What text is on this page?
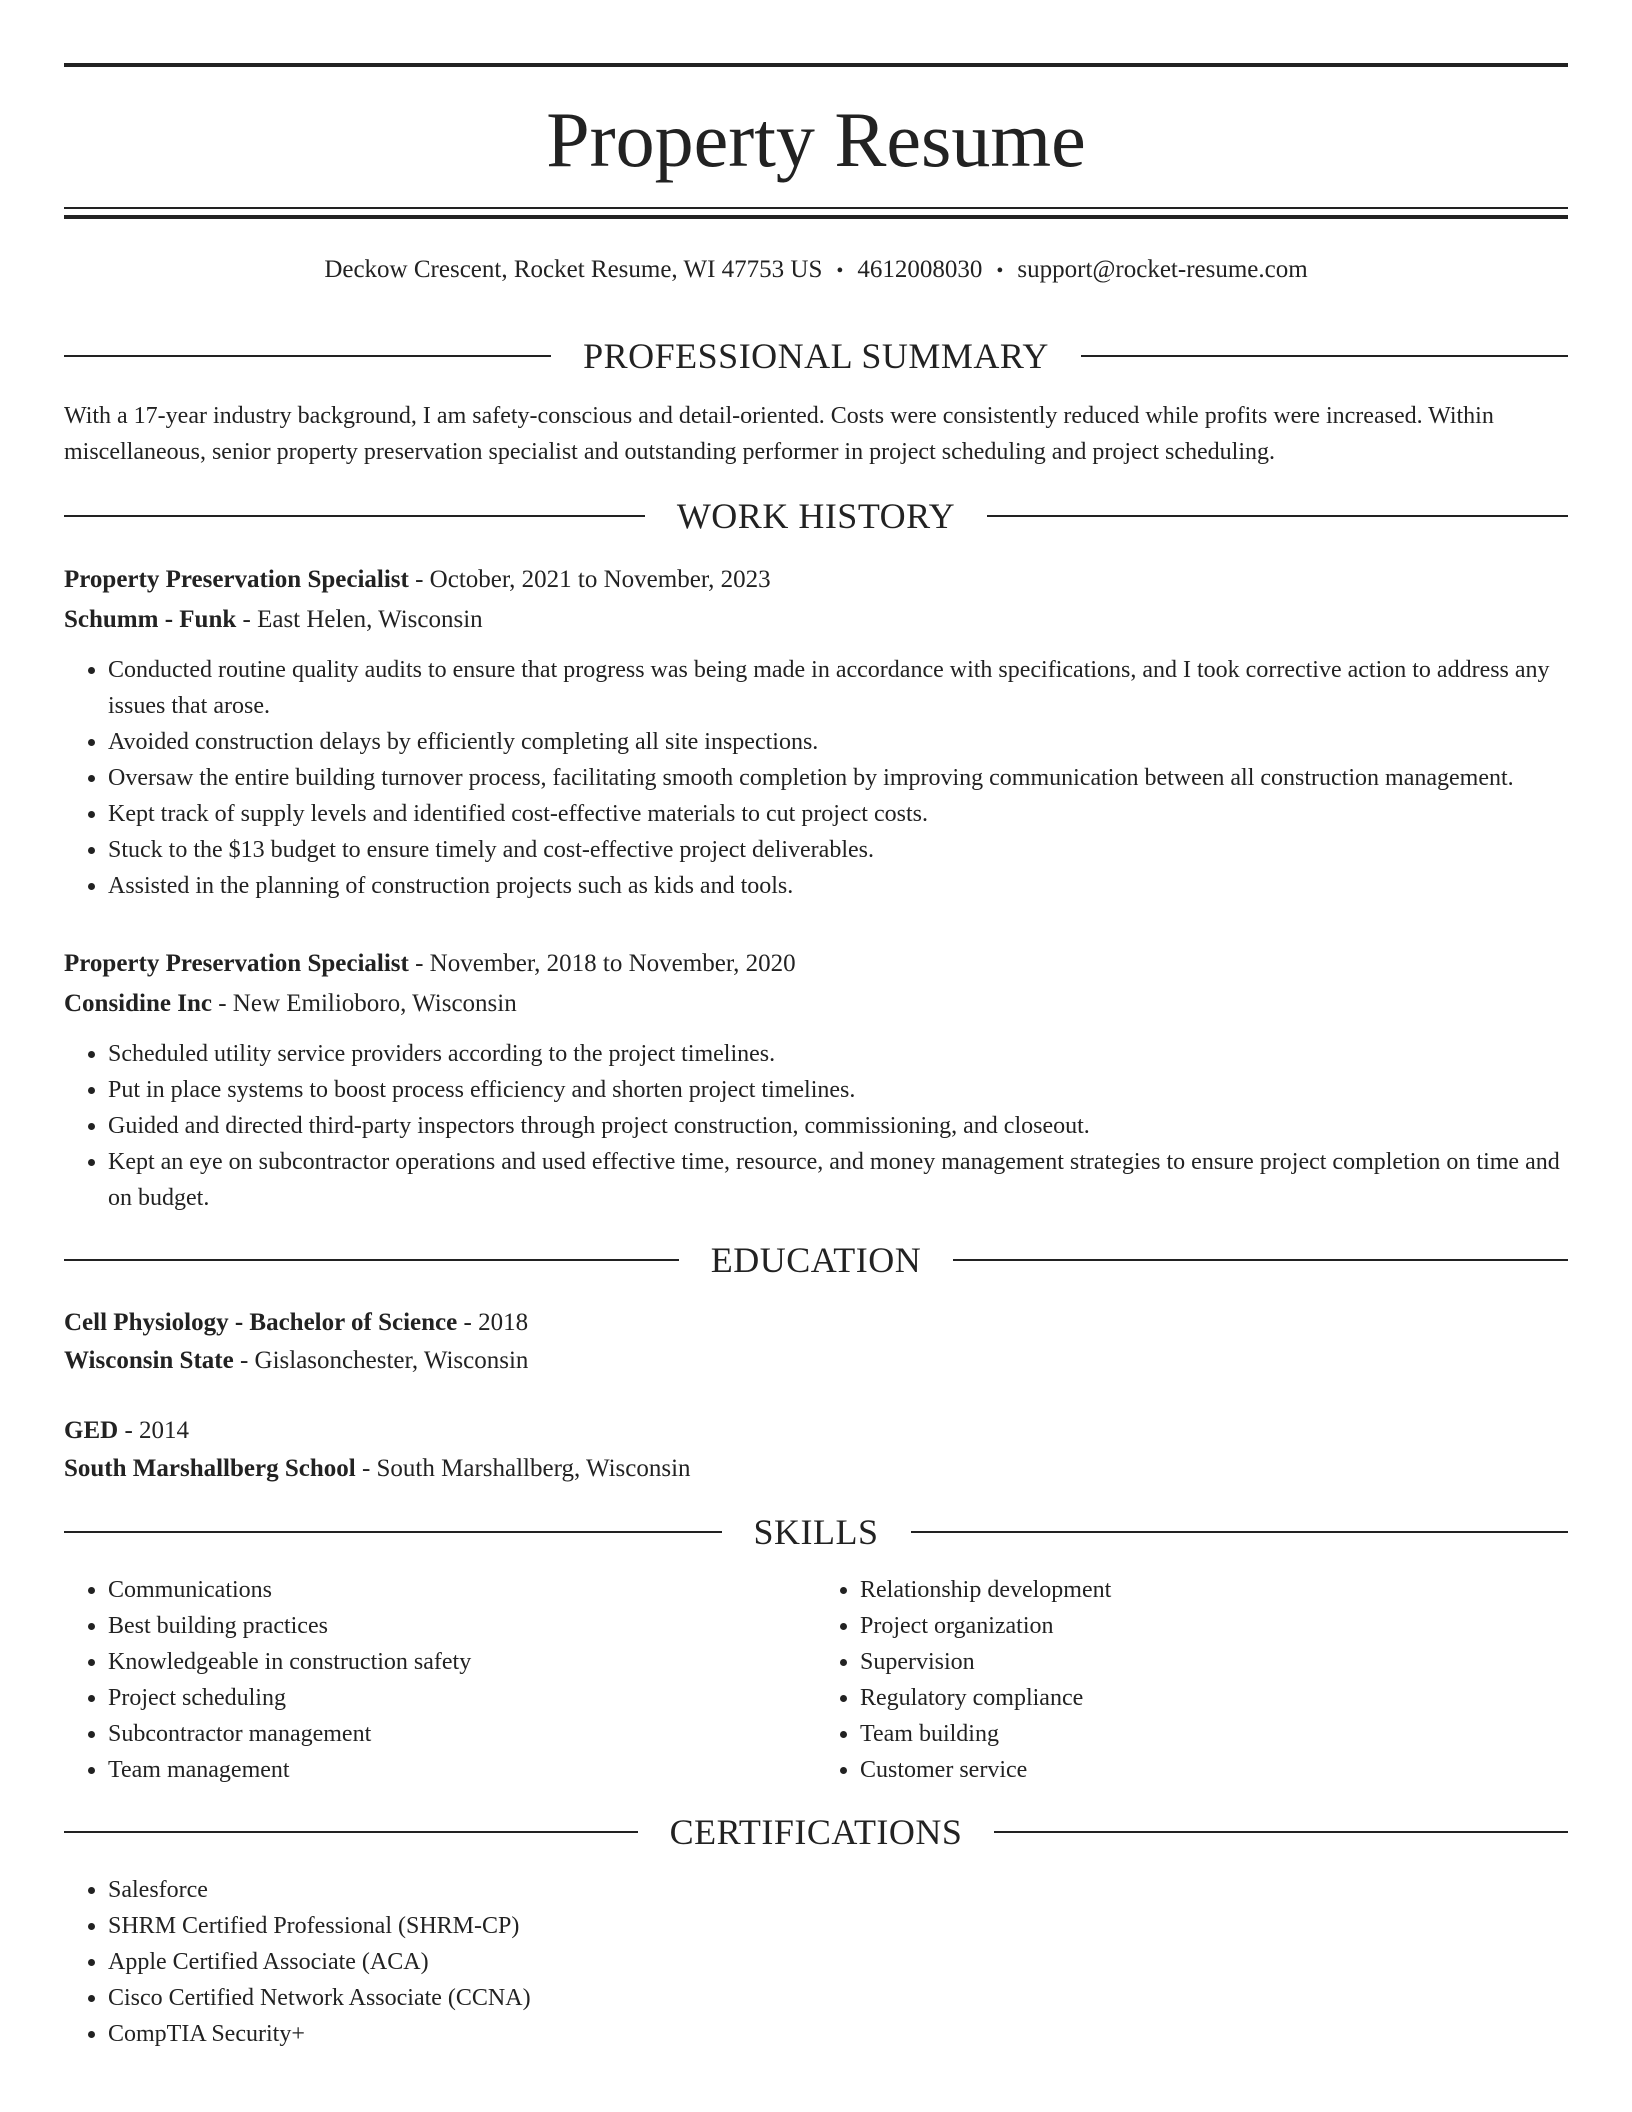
Property Resume
Deckow Crescent, Rocket Resume, WI 47753 US • 4612008030 • support@rocket-resume.com
PROFESSIONAL SUMMARY

With a 17-year industry background, I am safety-conscious and detail-oriented. Costs were consistently reduced while profits were increased. Within miscellaneous, senior property preservation specialist and outstanding performer in project scheduling and project scheduling.

WORK HISTORY
Property Preservation Specialist - October, 2021 to November, 2023
Schumm - Funk - East Helen, Wisconsin
• Conducted routine quality audits to ensure that progress was being made in accordance with specifications, and I took corrective action to address any issues that arose.
• Avoided construction delays by efficiently completing all site inspections.
• Oversaw the entire building turnover process, facilitating smooth completion by improving communication between all construction management.
• Kept track of supply levels and identified cost-effective materials to cut project costs.
• Stuck to the $13 budget to ensure timely and cost-effective project deliverables.
• Assisted in the planning of construction projects such as kids and tools.
Property Preservation Specialist - November, 2018 to November, 2020
Considine Inc - New Emilioboro, Wisconsin
• Scheduled utility service providers according to the project timelines.
• Put in place systems to boost process efficiency and shorten project timelines.
• Guided and directed third-party inspectors through project construction, commissioning, and closeout.
• Kept an eye on subcontractor operations and used effective time, resource, and money management strategies to ensure project completion on time and on budget.
EDUCATION
Cell Physiology - Bachelor of Science - 2018
Wisconsin State - Gislasonchester, Wisconsin
GED - 2014
South Marshallberg School - South Marshallberg, Wisconsin
SKILLS
• Communications
• Best building practices
• Knowledgeable in construction safety
• Project scheduling
• Subcontractor management
• Team management
• Relationship development
• Project organization
• Supervision
• Regulatory compliance
• Team building
• Customer service
CERTIFICATIONS
• Salesforce
• SHRM Certified Professional (SHRM-CP)
• Apple Certified Associate (ACA)
• Cisco Certified Network Associate (CCNA)
• CompTIA Security+
